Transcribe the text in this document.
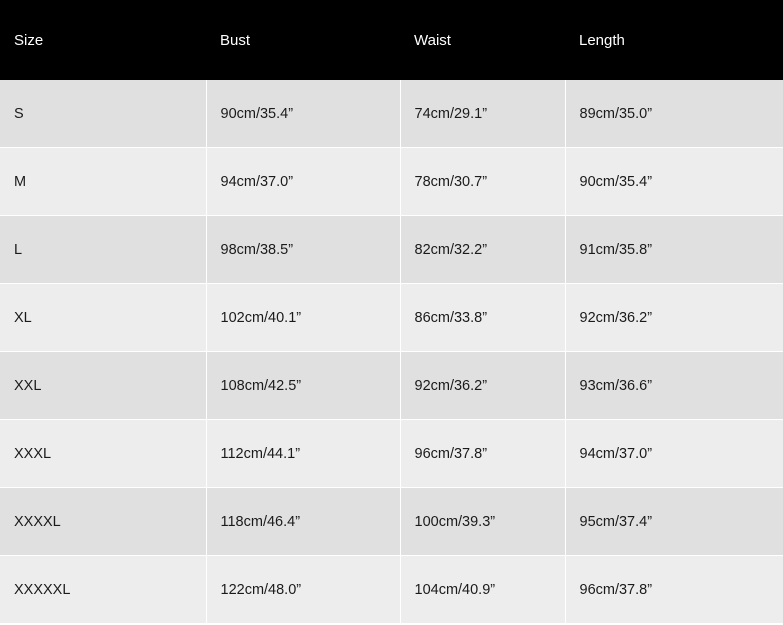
Size	Bust	Waist	Length
S	90cm/35.4”	74cm/29.1”	89cm/35.0”
M	94cm/37.0”	78cm/30.7”	90cm/35.4”
L	98cm/38.5”	82cm/32.2”	91cm/35.8”
XL	102cm/40.1”	86cm/33.8”	92cm/36.2”
XXL	108cm/42.5”	92cm/36.2”	93cm/36.6”
XXXL	112cm/44.1”	96cm/37.8”	94cm/37.0”
XXXXL	118cm/46.4”	100cm/39.3”	95cm/37.4”
XXXXXL	122cm/48.0”	104cm/40.9”	96cm/37.8”
